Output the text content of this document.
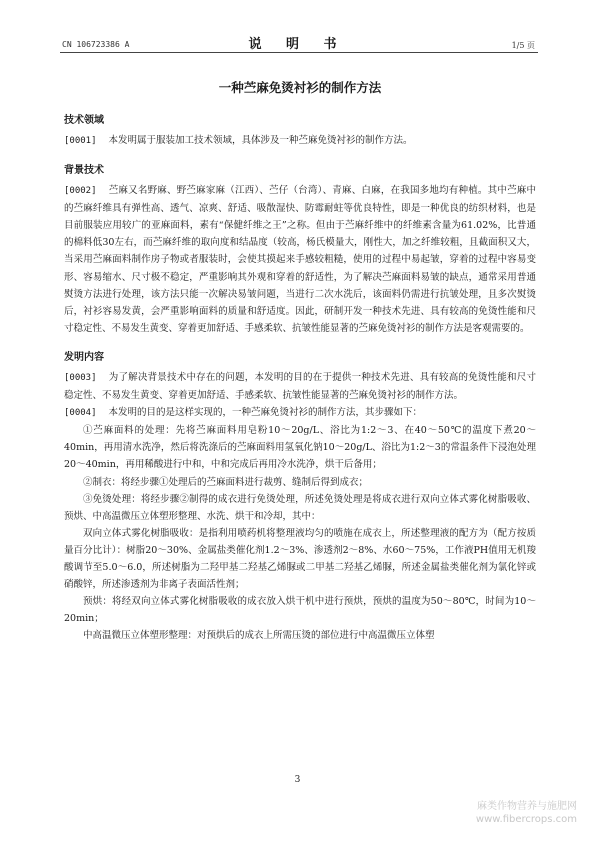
CN 106723386 A	说 明 书	1/5 页
一种苎麻免烫衬衫的制作方法
技术领域

[0001] 本发明属于服装加工技术领域，具体涉及一种苎麻免烫衬衫的制作方法。

背景技术

[0002] 苎麻又名野麻、野苎麻家麻（江西）、苎仔（台湾）、青麻、白麻，在我国多地均有种植。其中苎麻中的苎麻纤维具有弹性高、透气、凉爽、舒适、吸散湿快、防霉耐蛀等优良特性，即是一种优良的纺织材料，也是目前服装应用较广的亚麻面料，素有“保健纤维之王”之称。但由于苎麻纤维中的纤维素含量为61.02%，比普通的棉料低30左右，而苎麻纤维的取向度和结晶度（较高，杨氏模量大，刚性大，加之纤维较粗，且截面积又大，当采用苎麻面料制作房子物或者服装时，会使其摸起来手感较粗糙，使用的过程中易起皱，穿着的过程中容易变形、容易缩水、尺寸极不稳定，严重影响其外观和穿着的舒适性，为了解决苎麻面料易皱的缺点，通常采用普通熨烫方法进行处理，该方法只能一次解决易皱问题，当进行二次水洗后，该面料仍需进行抗皱处理，且多次熨烫后，衬衫容易发黄，会严重影响面料的质量和舒适度。因此，研制开发一种技术先进、具有较高的免烫性能和尺寸稳定性、不易发生黄变、穿着更加舒适、手感柔软、抗皱性能显著的苎麻免烫衬衫的制作方法是客观需要的。

发明内容

[0003] 为了解决背景技术中存在的问题，本发明的目的在于提供一种技术先进、具有较高的免烫性能和尺寸稳定性、不易发生黄变、穿着更加舒适、手感柔软、抗皱性能显著的苎麻免烫衬衫的制作方法。

[0004] 本发明的目的是这样实现的，一种苎麻免烫衬衫的制作方法，其步骤如下：

①苎麻面料的处理：先将苎麻面料用皂粉10～20g/L、浴比为1:2～3、在40～50℃的温度下煮20～40min，再用清水洗净，然后将洗涤后的苎麻面料用氢氧化钠10～20g/L、浴比为1:2～3的常温条件下浸泡处理20～40min，再用稀酸进行中和，中和完成后再用冷水洗净，烘干后备用；

②制衣：将经步骤①处理后的苎麻面料进行裁剪、缝制后得到成衣；

③免烫处理：将经步骤②制得的成衣进行免烫处理，所述免烫处理是将成衣进行双向立体式雾化树脂吸收、预烘、中高温微压立体塑形整理、水洗、烘干和冷却，其中：

双向立体式雾化树脂吸收：是指利用喷药机将整理液均匀的喷施在成衣上，所述整理液的配方为（配方按质量百分比计）：树脂20～30%、金属盐类催化剂1.2～3%、渗透剂2～8%、水60～75%，工作液PH值用无机羧酸调节至5.0～6.0，所述树脂为二羟甲基二羟基乙烯脲或二甲基二羟基乙烯脲，所述金属盐类催化剂为氯化锌或硝酸锌，所述渗透剂为非离子表面活性剂；

预烘：将经双向立体式雾化树脂吸收的成衣放入烘干机中进行预烘，预烘的温度为50～80℃，时间为10～20min；

中高温微压立体塑形整理：对预烘后的成衣上所需压烫的部位进行中高温微压立体塑

3
麻类作物营养与施肥网
www.fibercrops.com
